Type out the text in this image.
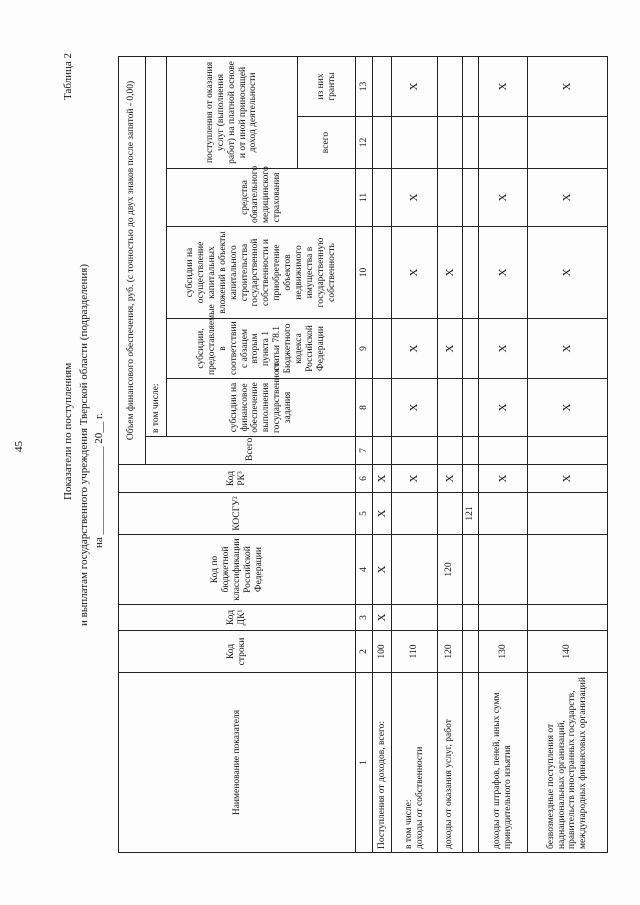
45	Показатели по поступлениям и выплатам государственного учреждения Тверской области (подразделения) на ________________ 20__ г.
Таблица 2
Наименование показателя	Код строки	Код ДК¹	Код по бюджетной классификации Российской Федерации	КОСГУ²	Код РК³	Объем финансового обеспечения, руб. (с точностью до двух знаков после запятой - 0,00)						
						Всего	в том числе:					
							субсидии на финансовое обеспечение выполнения государственного задания	субсидии, предоставляемые в соответствии с абзацем вторым пункта 1 статьи 78.1 Бюджетного кодекса Российской Федерации	субсидии на осуществление капитальных вложений в объекты капитального строительства государственной собственности и приобретение объектов недвижимого имущества в государственную собственность	средства обязательного медицинского страхования	поступления от оказания услуг (выполнения работ) на платной основе и от иной приносящей доход деятельности	
											всего	из них гранты
1	2	3	4	5	6	7	8	9	10	11	12	13
Поступления от доходов, всего:	100	X	X	X	X							
в том числе:
доходы от собственности	110				X		X	X	X	X		X
доходы от оказания услуг, работ	120		120		X			X	X			
				121								
доходы от штрафов, пеней, иных сумм принудительного изъятия	130				X		X	X	X	X		X
безвозмездные поступления от наднациональных организаций, правительств иностранных государств, международных финансовых организаций	140				X		X	X	X	X		X
